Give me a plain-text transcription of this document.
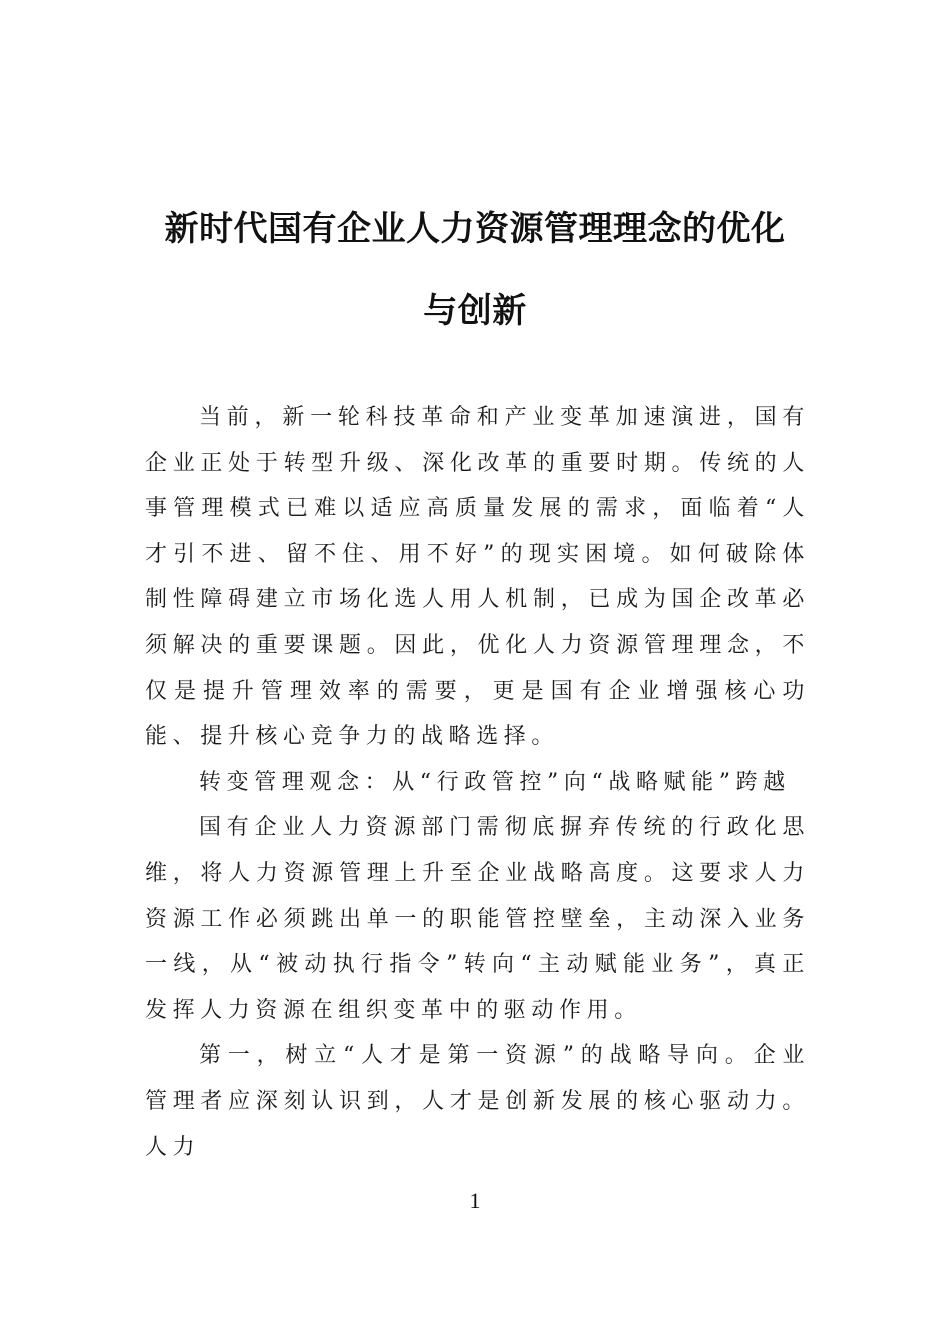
新时代国有企业人力资源管理理念的优化

与创新

当前，新一轮科技革命和产业变革加速演进，国有企业正处于转型升级、深化改革的重要时期。传统的人事管理模式已难以适应高质量发展的需求，面临着“人才引不进、留不住、用不好”的现实困境。如何破除体制性障碍建立市场化选人用人机制，已成为国企改革必须解决的重要课题。因此，优化人力资源管理理念，不仅是提升管理效率的需要，更是国有企业增强核心功能、提升核心竞争力的战略选择。

转变管理观念：从“行政管控”向“战略赋能”跨越

国有企业人力资源部门需彻底摒弃传统的行政化思维，将人力资源管理上升至企业战略高度。这要求人力资源工作必须跳出单一的职能管控壁垒，主动深入业务一线，从“被动执行指令”转向“主动赋能业务”，真正发挥人力资源在组织变革中的驱动作用。

第一，树立“人才是第一资源”的战略导向。企业管理者应深刻认识到，人才是创新发展的核心驱动力。人力

1
